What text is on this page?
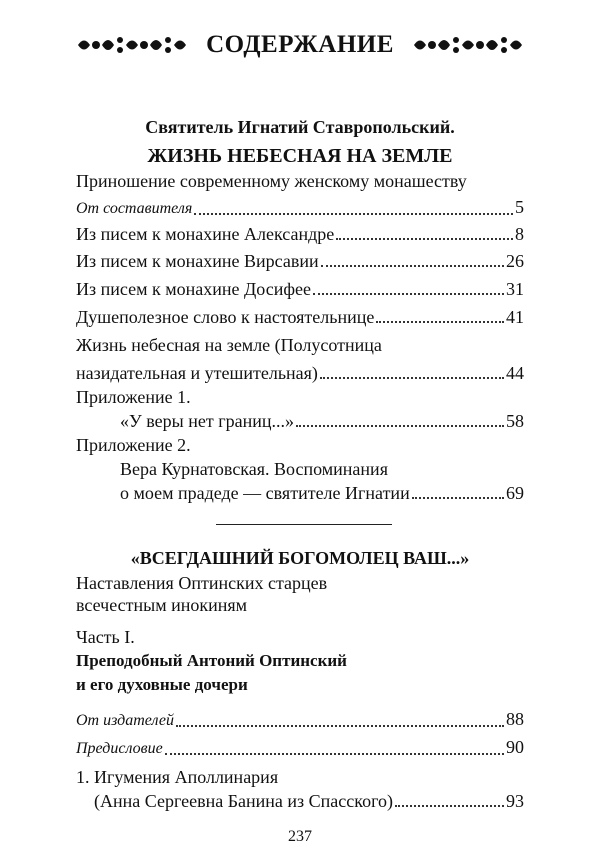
СОДЕРЖАНИЕ
Святитель Игнатий Ставропольский.
ЖИЗНЬ НЕБЕСНАЯ НА ЗЕМЛЕ
Приношение современному женскому монашеству
От составителя	5
Из писем к монахине Александре	8
Из писем к монахине Вирсавии	26
Из писем к монахине Досифее	31
Душеполезное слово к настоятельнице	41
Жизнь небесная на земле (Полусотница
назидательная и утешительная)	44
Приложение 1.
«У веры нет границ...»	58
Приложение 2.
Вера Курнатовская. Воспоминания
о моем прадеде — святителе Игнатии	69
«ВСЕГДАШНИЙ БОГОМОЛЕЦ ВАШ...»
Наставления Оптинских старцев
всечестным инокиням
Часть I.
Преподобный Антоний Оптинский
и его духовные дочери
От издателей	88
Предисловие	90
1. Игумения Аполлинария
(Анна Сергеевна Банина из Спасского)	93
237
